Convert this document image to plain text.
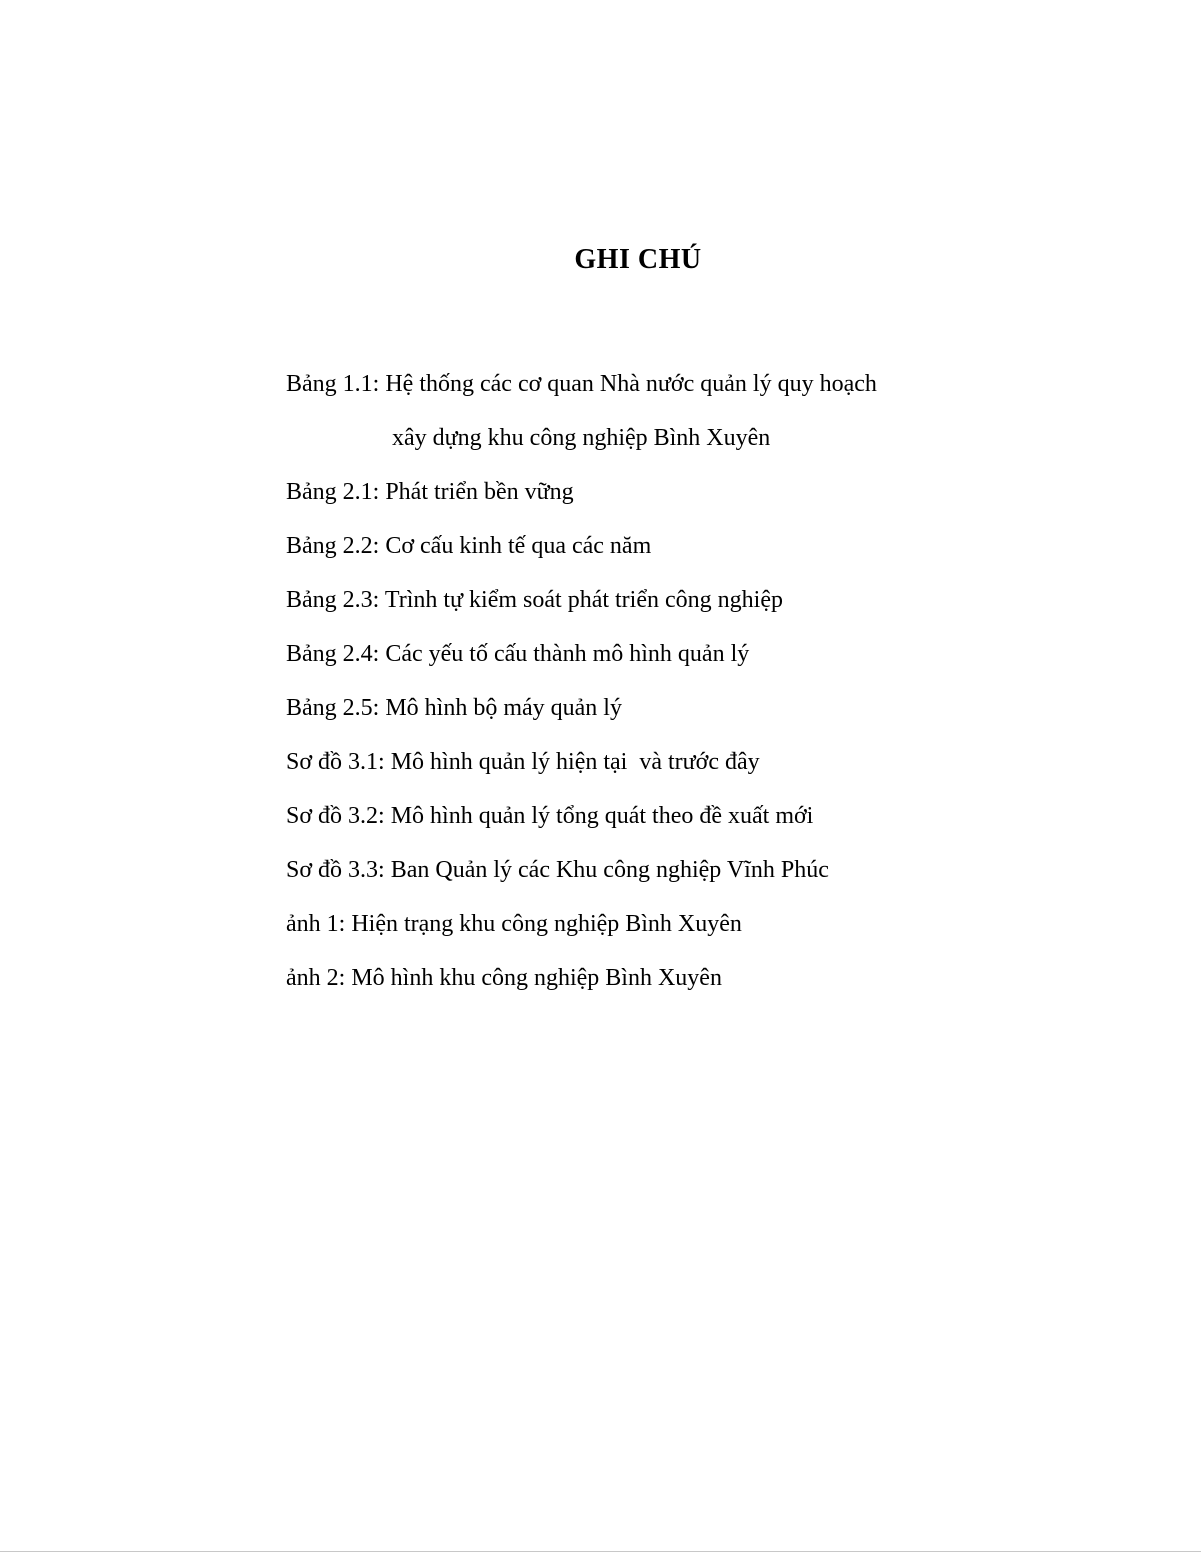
GHI CHÚ
Bảng 1.1: Hệ thống các cơ quan Nhà nước quản lý quy hoạch
xây dựng khu công nghiệp Bình Xuyên
Bảng 2.1: Phát triển bền vững
Bảng 2.2: Cơ cấu kinh tế qua các năm
Bảng 2.3: Trình tự kiểm soát phát triển công nghiệp
Bảng 2.4: Các yếu tố cấu thành mô hình quản lý
Bảng 2.5: Mô hình bộ máy quản lý
Sơ đồ 3.1: Mô hình quản lý hiện tại  và trước đây
Sơ đồ 3.2: Mô hình quản lý tổng quát theo đề xuất mới
Sơ đồ 3.3: Ban Quản lý các Khu công nghiệp Vĩnh Phúc
ảnh 1: Hiện trạng khu công nghiệp Bình Xuyên
ảnh 2: Mô hình khu công nghiệp Bình Xuyên
